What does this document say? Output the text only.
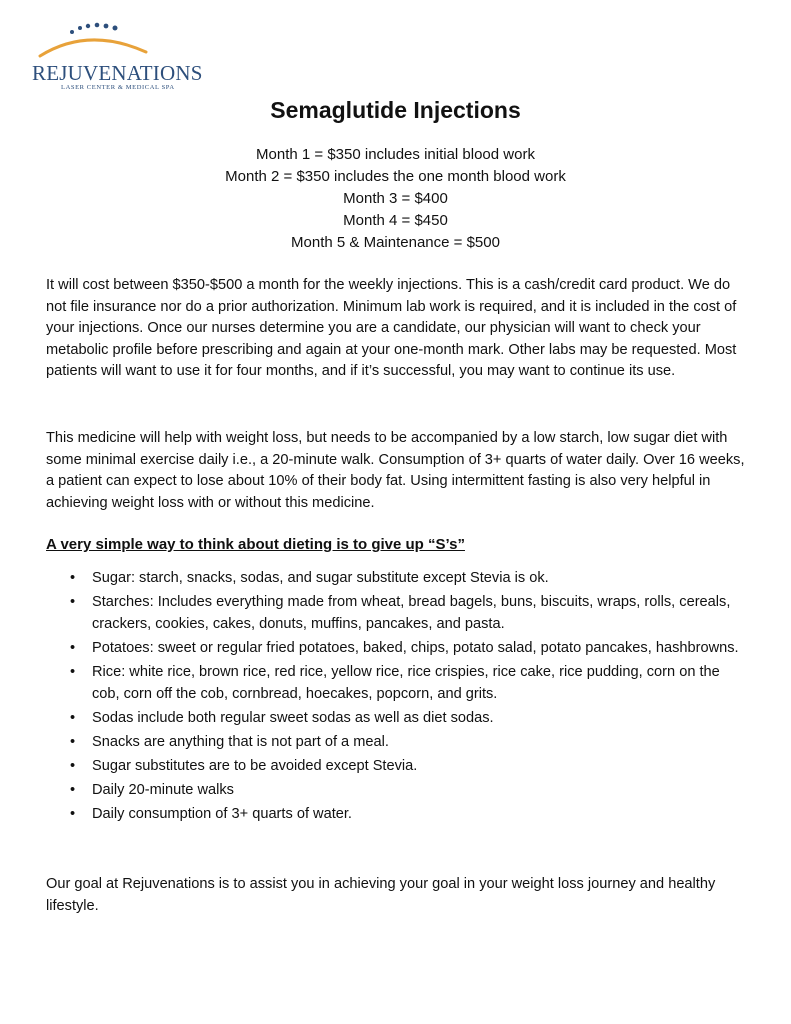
REJUVENATIONS
LASER CENTER & MEDICAL SPA
Semaglutide Injections
Month 1 = $350 includes initial blood work
Month 2 = $350 includes the one month blood work
Month 3 = $400
Month 4 = $450
Month 5 & Maintenance = $500

It will cost between $350-$500 a month for the weekly injections. This is a cash/credit card product. We do not file insurance nor do a prior authorization. Minimum lab work is required, and it is included in the cost of your injections. Once our nurses determine you are a candidate, our physician will want to check your metabolic profile before prescribing and again at your one-month mark. Other labs may be requested. Most patients will want to use it for four months, and if it’s successful, you may want to continue its use.

This medicine will help with weight loss, but needs to be accompanied by a low starch, low sugar diet with some minimal exercise daily i.e., a 20-minute walk. Consumption of 3+ quarts of water daily. Over 16 weeks, a patient can expect to lose about 10% of their body fat. Using intermittent fasting is also very helpful in achieving weight loss with or without this medicine.

A very simple way to think about dieting is to give up “S’s”
• Sugar: starch, snacks, sodas, and sugar substitute except Stevia is ok.
• Starches: Includes everything made from wheat, bread bagels, buns, biscuits, wraps, rolls, cereals, crackers, cookies, cakes, donuts, muffins, pancakes, and pasta.
• Potatoes: sweet or regular fried potatoes, baked, chips, potato salad, potato pancakes, hashbrowns.
• Rice: white rice, brown rice, red rice, yellow rice, rice crispies, rice cake, rice pudding, corn on the cob, corn off the cob, cornbread, hoecakes, popcorn, and grits.
• Sodas include both regular sweet sodas as well as diet sodas.
• Snacks are anything that is not part of a meal.
• Sugar substitutes are to be avoided except Stevia.
• Daily 20-minute walks
• Daily consumption of 3+ quarts of water.

Our goal at Rejuvenations is to assist you in achieving your goal in your weight loss journey and healthy lifestyle.
